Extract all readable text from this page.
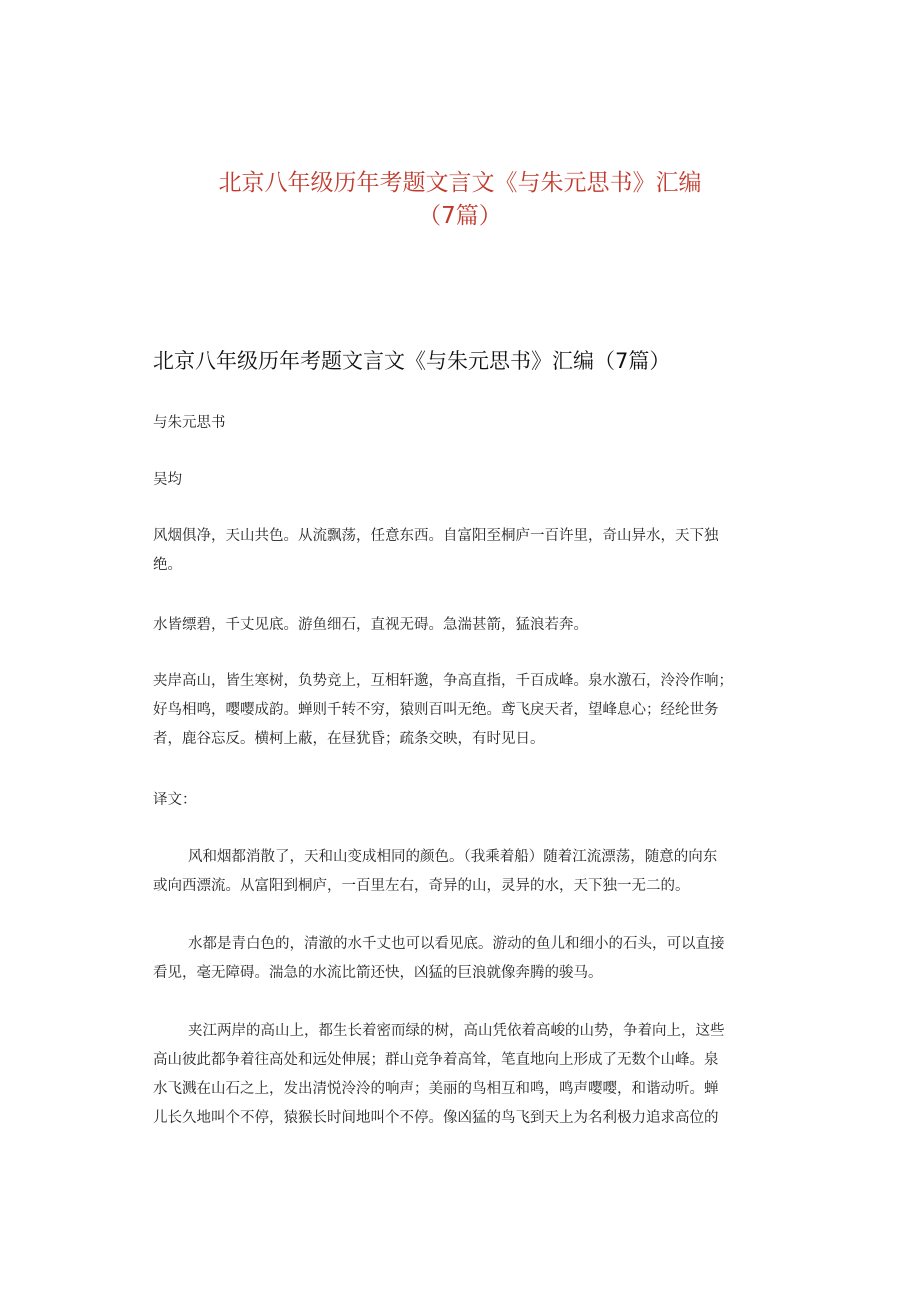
北京八年级历年考题文言文《与朱元思书》汇编
（7篇）
北京八年级历年考题文言文《与朱元思书》汇编（7篇）
与朱元思书
吴均
风烟俱净，天山共色。从流飘荡，任意东西。自富阳至桐庐一百许里，奇山异水，天下独
绝。
水皆缥碧，千丈见底。游鱼细石，直视无碍。急湍甚箭，猛浪若奔。
夹岸高山，皆生寒树，负势竞上，互相轩邈，争高直指，千百成峰。泉水激石，泠泠作响；
好鸟相鸣，嘤嘤成韵。蝉则千转不穷，猿则百叫无绝。鸢飞戾天者，望峰息心；经纶世务
者，鹿谷忘反。横柯上蔽，在昼犹昏；疏条交映，有时见日。
译文：
风和烟都消散了，天和山变成相同的颜色。（我乘着船）随着江流漂荡，随意的向东
或向西漂流。从富阳到桐庐，一百里左右，奇异的山，灵异的水，天下独一无二的。
水都是青白色的，清澈的水千丈也可以看见底。游动的鱼儿和细小的石头，可以直接
看见，毫无障碍。湍急的水流比箭还快，凶猛的巨浪就像奔腾的骏马。
夹江两岸的高山上，都生长着密而绿的树，高山凭依着高峻的山势，争着向上，这些
高山彼此都争着往高处和远处伸展；群山竞争着高耸，笔直地向上形成了无数个山峰。泉
水飞溅在山石之上，发出清悦泠泠的响声；美丽的鸟相互和鸣，鸣声嘤嘤，和谐动听。蝉
儿长久地叫个不停，猿猴长时间地叫个不停。像凶猛的鸟飞到天上为名利极力追求高位的
